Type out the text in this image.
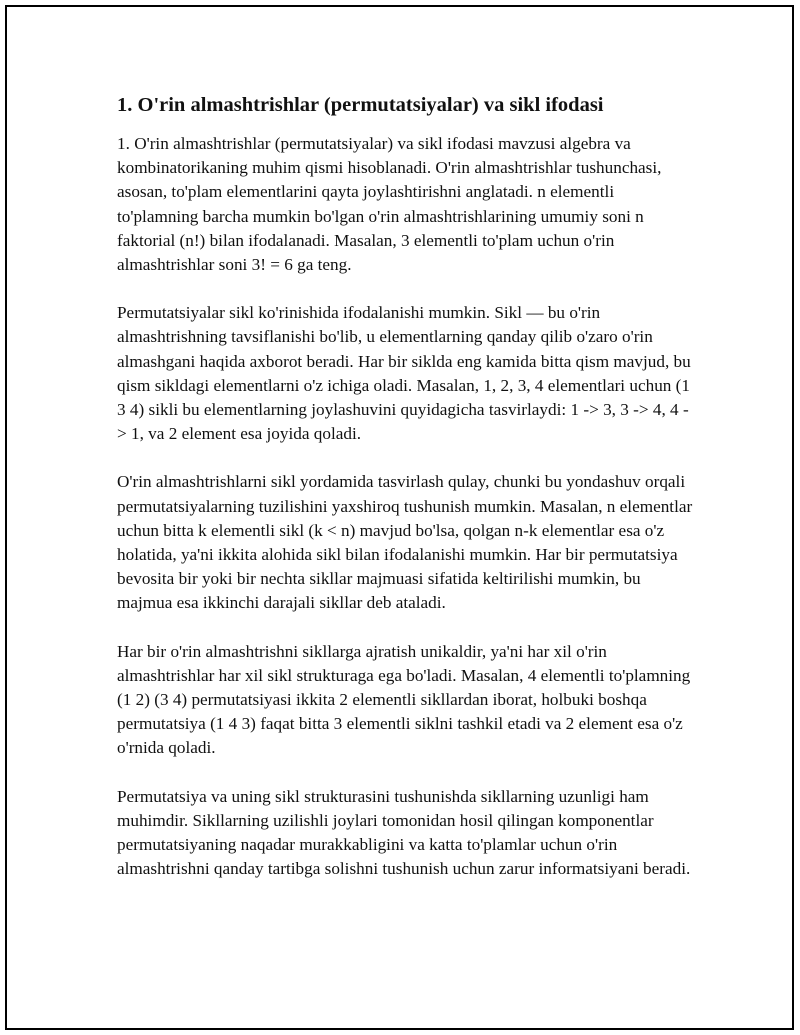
1. O'rin almashtrishlar (permutatsiyalar) va sikl ifodasi

1. O'rin almashtrishlar (permutatsiyalar) va sikl ifodasi mavzusi algebra va kombinatorikaning muhim qismi hisoblanadi. O'rin almashtrishlar tushunchasi, asosan, to'plam elementlarini qayta joylashtirishni anglatadi. n elementli to'plamning barcha mumkin bo'lgan o'rin almashtrishlarining umumiy soni n faktorial (n!) bilan ifodalanadi. Masalan, 3 elementli to'plam uchun o'rin almashtrishlar soni 3! = 6 ga teng.

Permutatsiyalar sikl ko'rinishida ifodalanishi mumkin. Sikl — bu o'rin almashtrishning tavsiflanishi bo'lib, u elementlarning qanday qilib o'zaro o'rin almashgani haqida axborot beradi. Har bir siklda eng kamida bitta qism mavjud, bu qism sikldagi elementlarni o'z ichiga oladi. Masalan, 1, 2, 3, 4 elementlari uchun (1 3 4) sikli bu elementlarning joylashuvini quyidagicha tasvirlaydi: 1 -> 3, 3 -> 4, 4 -> 1, va 2 element esa joyida qoladi.

O'rin almashtrishlarni sikl yordamida tasvirlash qulay, chunki bu yondashuv orqali permutatsiyalarning tuzilishini yaxshiroq tushunish mumkin. Masalan, n elementlar uchun bitta k elementli sikl (k < n) mavjud bo'lsa, qolgan n-k elementlar esa o'z holatida, ya'ni ikkita alohida sikl bilan ifodalanishi mumkin. Har bir permutatsiya bevosita bir yoki bir nechta sikllar majmuasi sifatida keltirilishi mumkin, bu majmua esa ikkinchi darajali sikllar deb ataladi.

Har bir o'rin almashtrishni sikllarga ajratish unikaldir, ya'ni har xil o'rin almashtrishlar har xil sikl strukturaga ega bo'ladi. Masalan, 4 elementli to'plamning (1 2) (3 4) permutatsiyasi ikkita 2 elementli sikllardan iborat, holbuki boshqa permutatsiya (1 4 3) faqat bitta 3 elementli siklni tashkil etadi va 2 element esa o'z o'rnida qoladi.

Permutatsiya va uning sikl strukturasini tushunishda sikllarning uzunligi ham muhimdir. Sikllarning uzilishli joylari tomonidan hosil qilingan komponentlar permutatsiyaning naqadar murakkabligini va katta to'plamlar uchun o'rin almashtrishni qanday tartibga solishni tushunish uchun zarur informatsiyani beradi.
